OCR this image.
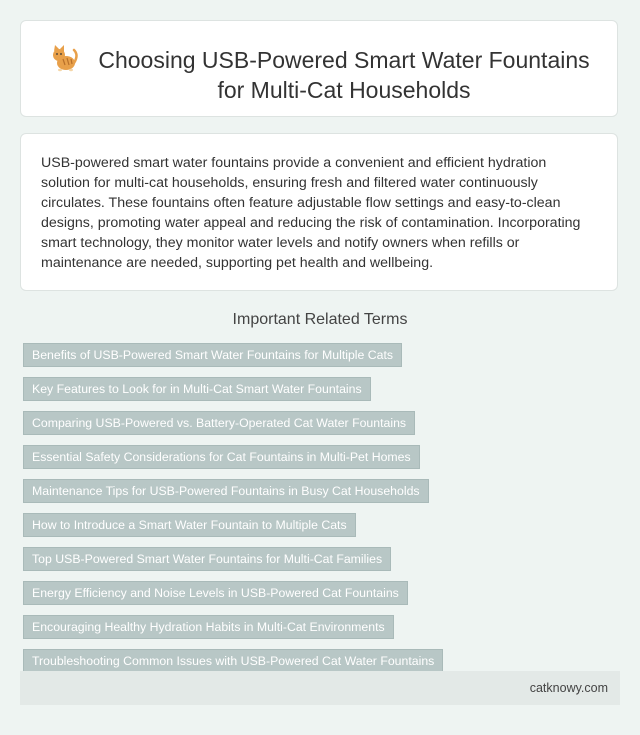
Choosing USB-Powered Smart Water Fountains
for Multi-Cat Households
USB-powered smart water fountains provide a convenient and efficient hydration solution for multi-cat households, ensuring fresh and filtered water continuously circulates. These fountains often feature adjustable flow settings and easy-to-clean designs, promoting water appeal and reducing the risk of contamination. Incorporating smart technology, they monitor water levels and notify owners when refills or maintenance are needed, supporting pet health and wellbeing.
Important Related Terms
Benefits of USB-Powered Smart Water Fountains for Multiple Cats
Key Features to Look for in Multi-Cat Smart Water Fountains
Comparing USB-Powered vs. Battery-Operated Cat Water Fountains
Essential Safety Considerations for Cat Fountains in Multi-Pet Homes
Maintenance Tips for USB-Powered Fountains in Busy Cat Households
How to Introduce a Smart Water Fountain to Multiple Cats
Top USB-Powered Smart Water Fountains for Multi-Cat Families
Energy Efficiency and Noise Levels in USB-Powered Cat Fountains
Encouraging Healthy Hydration Habits in Multi-Cat Environments
Troubleshooting Common Issues with USB-Powered Cat Water Fountains
catknowy.com
